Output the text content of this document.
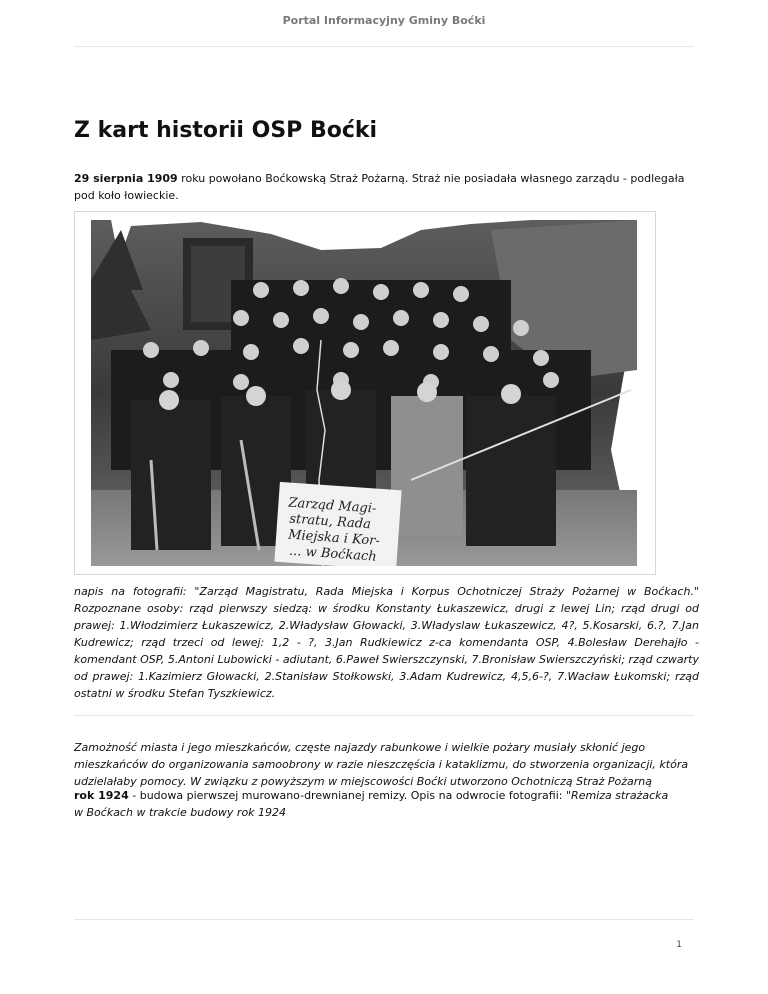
Portal Informacyjny Gminy Boćki
Z kart historii OSP Boćki

29 sierpnia 1909 roku powołano Boćkowską Straż Pożarną. Straż nie posiadała własnego zarządu - podlegała pod koło łowieckie.

Zarząd Magi-
stratu, Rada
Miejska i Kor-
... w Boćkach

napis na fotografii: "Zarząd Magistratu, Rada Miejska i Korpus Ochotniczej Straży Pożarnej w Boćkach." Rozpoznane osoby: rząd pierwszy siedzą: w środku Konstanty Łukaszewicz, drugi z lewej Lin; rząd drugi od prawej: 1.Włodzimierz Łukaszewicz, 2.Władysław Głowacki, 3.Władyslaw Łukaszewicz, 4?, 5.Kosarski, 6.?, 7.Jan Kudrewicz; rząd trzeci od lewej: 1,2 - ?, 3.Jan Rudkiewicz z-ca komendanta OSP, 4.Bolesław Derehajło - komendant OSP, 5.Antoni Lubowicki - adiutant, 6.Paweł Swierszczynski, 7.Bronisław Swierszczyński; rząd czwarty od prawej: 1.Kazimierz Głowacki, 2.Stanisław Stołkowski, 3.Adam Kudrewicz, 4,5,6-?, 7.Wacław Łukomski; rząd ostatni w środku Stefan Tyszkiewicz.

Zamożność miasta i jego mieszkańców, częste najazdy rabunkowe i wielkie pożary musiały skłonić jego mieszkańców do organizowania samoobrony w razie nieszczęścia i kataklizmu, do stworzenia organizacji, która udzielałaby pomocy. W związku z powyższym w miejscowości Boćki utworzono Ochotniczą Straż Pożarną

rok 1924 - budowa pierwszej murowano-drewnianej remizy. Opis na odwrocie fotografii: "Remiza strażacka w Boćkach w trakcie budowy rok 1924

1
